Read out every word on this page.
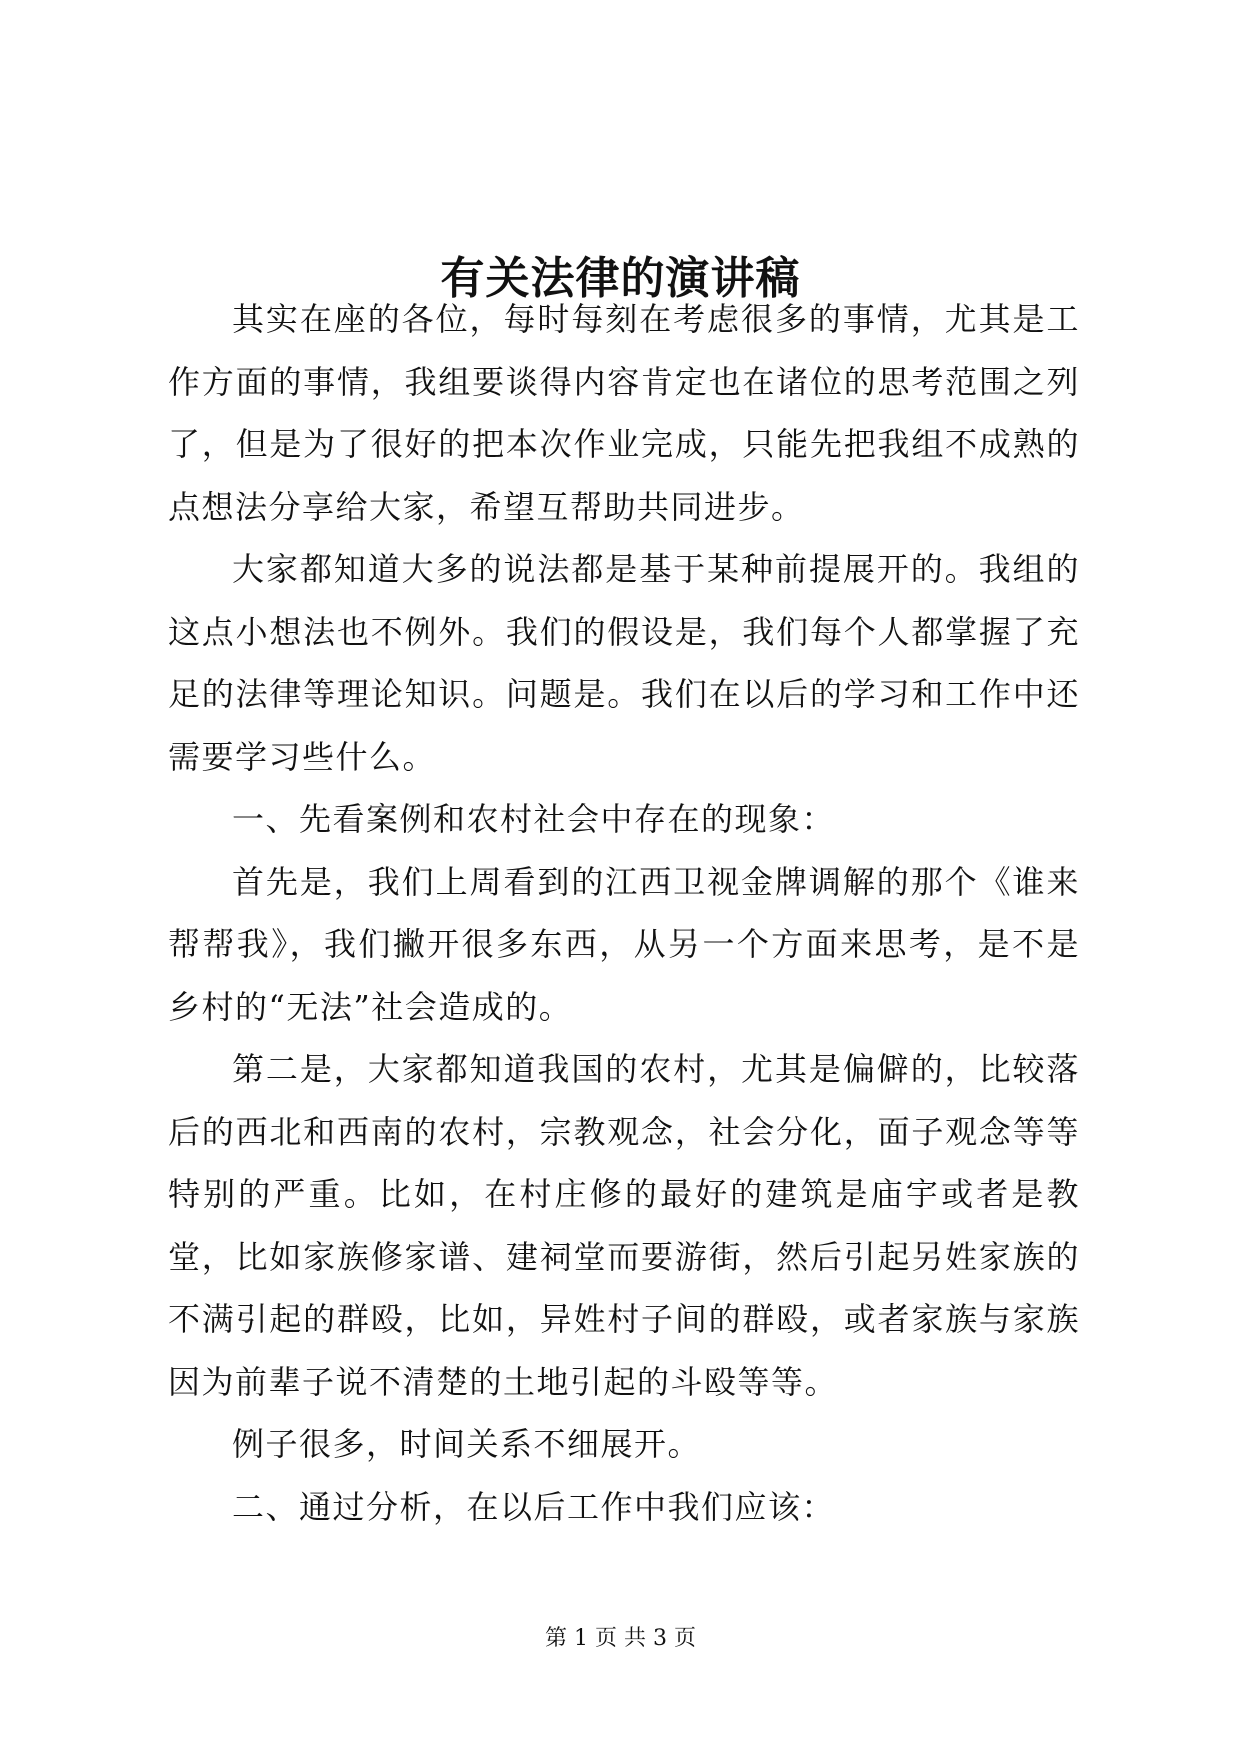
有关法律的演讲稿

其实在座的各位，每时每刻在考虑很多的事情，尤其是工作方面的事情，我组要谈得内容肯定也在诸位的思考范围之列了，但是为了很好的把本次作业完成，只能先把我组不成熟的点想法分享给大家，希望互帮助共同进步。

大家都知道大多的说法都是基于某种前提展开的。我组的这点小想法也不例外。我们的假设是，我们每个人都掌握了充足的法律等理论知识。问题是。我们在以后的学习和工作中还需要学习些什么。

一、先看案例和农村社会中存在的现象：

首先是，我们上周看到的江西卫视金牌调解的那个《谁来帮帮我》，我们撇开很多东西，从另一个方面来思考，是不是乡村的“无法”社会造成的。

第二是，大家都知道我国的农村，尤其是偏僻的，比较落后的西北和西南的农村，宗教观念，社会分化，面子观念等等特别的严重。比如，在村庄修的最好的建筑是庙宇或者是教堂，比如家族修家谱、建祠堂而要游街，然后引起另姓家族的不满引起的群殴，比如，异姓村子间的群殴，或者家族与家族因为前辈子说不清楚的土地引起的斗殴等等。

例子很多，时间关系不细展开。

二、通过分析，在以后工作中我们应该：

第 1 页 共 3 页
